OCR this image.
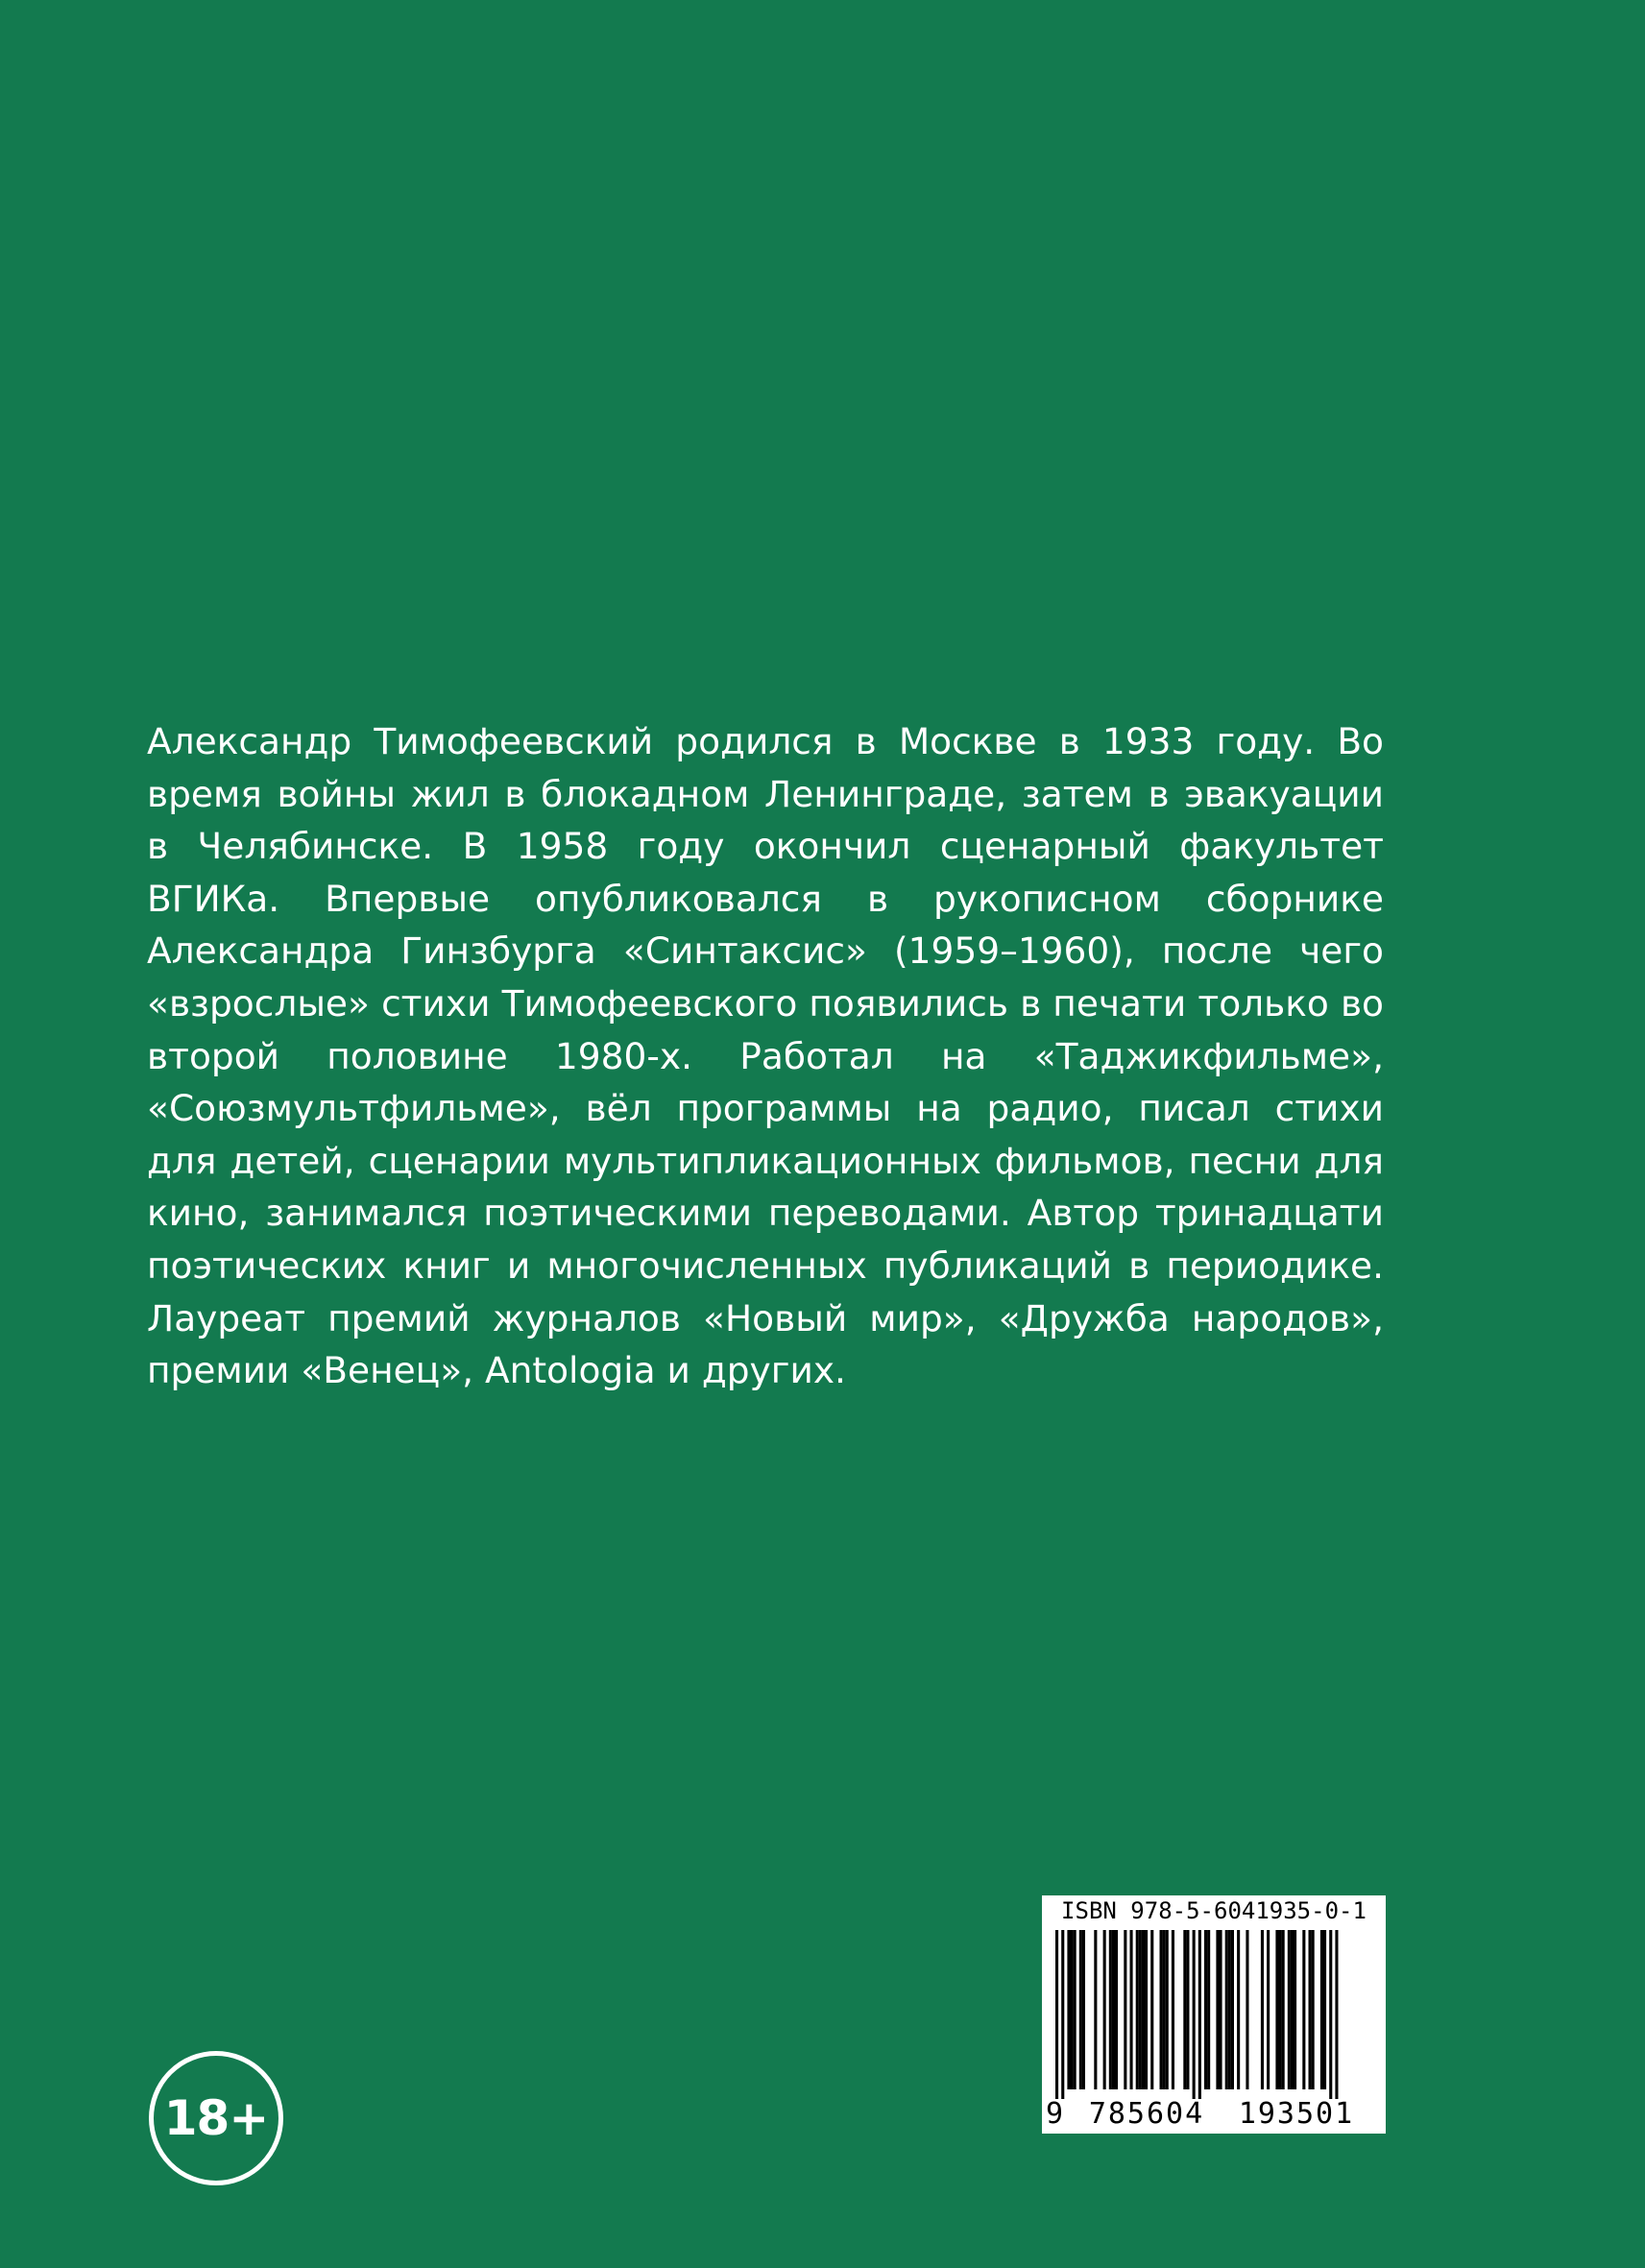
Александр Тимофеевский родился в Москве в 1933 году. Во время войны жил в блокадном Ленинграде, затем в эвакуации в Челябинске. В 1958 году окончил сценарный факультет ВГИКа. Впервые опубликовался в рукописном сборнике Александра Гинзбурга «Синтаксис» (1959–1960), после чего «взрослые» стихи Тимофеевского появились в печати только во второй половине 1980-х. Работал на «Таджикфильме», «Союзмультфильме», вёл программы на радио, писал стихи для детей, сценарии мультипликационных фильмов, песни для кино, занимался поэтическими переводами. Автор тринадцати поэтических книг и многочисленных публикаций в периодике. Лауреат премий журналов «Новый мир», «Дружба народов», премии «Венец», Antologia и других.

18+
ISBN 978-5-6041935-0-1
9 785604	193501
